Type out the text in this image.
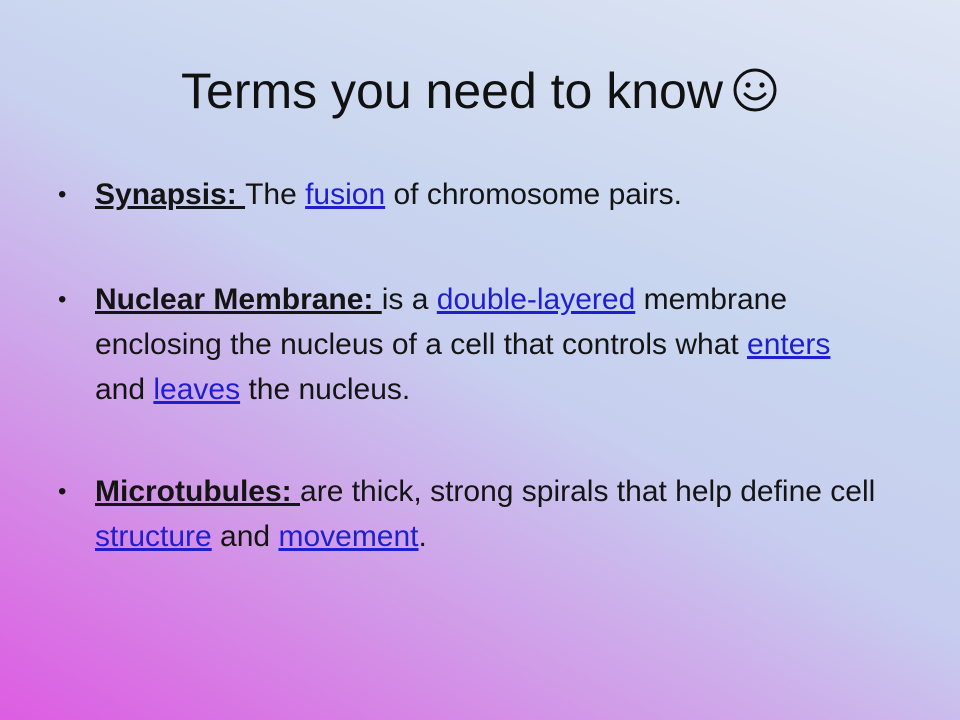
Terms you need to know
• Synapsis: The fusion of chromosome pairs.
• Nuclear Membrane: is a double-layered membrane enclosing the nucleus of a cell that controls what enters and leaves the nucleus.
• Microtubules: are thick, strong spirals that help define cell structure and movement.
